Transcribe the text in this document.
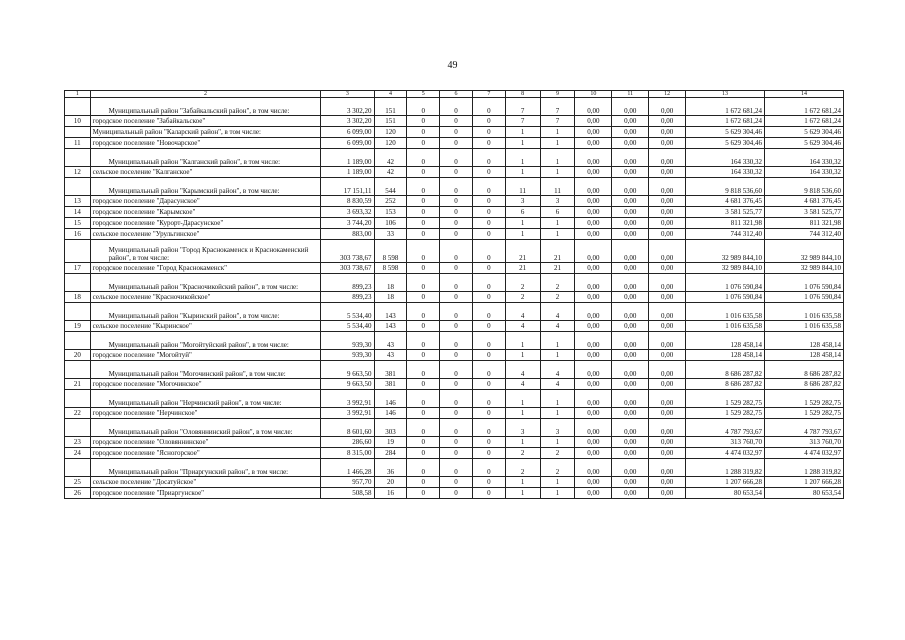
49
1	2	3	4	5	6	7	8	9	10	11	12	13	14
	Муниципальный район "Забайкальский район", в том числе:	3 302,20	151	0	0	0	7	7	0,00	0,00	0,00	1 672 681,24	1 672 681,24
10	городское поселение "Забайкальское"	3 302,20	151	0	0	0	7	7	0,00	0,00	0,00	1 672 681,24	1 672 681,24
	Муниципальный район "Каларский район", в том числе:	6 099,00	120	0	0	0	1	1	0,00	0,00	0,00	5 629 304,46	5 629 304,46
11	городское поселение "Новочарское"	6 099,00	120	0	0	0	1	1	0,00	0,00	0,00	5 629 304,46	5 629 304,46
	Муниципальный район "Калганский район", в том числе:	1 189,00	42	0	0	0	1	1	0,00	0,00	0,00	164 330,32	164 330,32
12	сельское поселение "Калганское"	1 189,00	42	0	0	0	1	1	0,00	0,00	0,00	164 330,32	164 330,32
	Муниципальный район "Карымский район", в том числе:	17 151,11	544	0	0	0	11	11	0,00	0,00	0,00	9 818 536,60	9 818 536,60
13	городское поселение "Дарасунское"	8 830,59	252	0	0	0	3	3	0,00	0,00	0,00	4 681 376,45	4 681 376,45
14	городское поселение "Карымское"	3 693,32	153	0	0	0	6	6	0,00	0,00	0,00	3 581 525,77	3 581 525,77
15	городское поселение "Курорт-Дарасунское"	3 744,20	106	0	0	0	1	1	0,00	0,00	0,00	811 321,98	811 321,98
16	сельское поселение "Урульгинское"	883,00	33	0	0	0	1	1	0,00	0,00	0,00	744 312,40	744 312,40
	Муниципальный район "Город Краснокаменск и Краснокаменский район", в том числе:	303 738,67	8 598	0	0	0	21	21	0,00	0,00	0,00	32 989 844,10	32 989 844,10
17	городское поселение "Город Краснокаменск"	303 738,67	8 598	0	0	0	21	21	0,00	0,00	0,00	32 989 844,10	32 989 844,10
	Муниципальный район "Красночикойский район", в том числе:	899,23	18	0	0	0	2	2	0,00	0,00	0,00	1 076 590,84	1 076 590,84
18	сельское поселение "Красночикойское"	899,23	18	0	0	0	2	2	0,00	0,00	0,00	1 076 590,84	1 076 590,84
	Муниципальный район "Кыринский район", в том числе:	5 534,40	143	0	0	0	4	4	0,00	0,00	0,00	1 016 635,58	1 016 635,58
19	сельское поселение "Кыринское"	5 534,40	143	0	0	0	4	4	0,00	0,00	0,00	1 016 635,58	1 016 635,58
	Муниципальный район "Могойтуйский район", в том числе:	939,30	43	0	0	0	1	1	0,00	0,00	0,00	128 458,14	128 458,14
20	городское поселение "Могойтуй"	939,30	43	0	0	0	1	1	0,00	0,00	0,00	128 458,14	128 458,14
	Муниципальный район "Могочинский район", в том числе:	9 663,50	381	0	0	0	4	4	0,00	0,00	0,00	8 686 287,82	8 686 287,82
21	городское поселение "Могочинское"	9 663,50	381	0	0	0	4	4	0,00	0,00	0,00	8 686 287,82	8 686 287,82
	Муниципальный район "Нерчинский район", в том числе:	3 992,91	146	0	0	0	1	1	0,00	0,00	0,00	1 529 282,75	1 529 282,75
22	городское поселение "Нерчинское"	3 992,91	146	0	0	0	1	1	0,00	0,00	0,00	1 529 282,75	1 529 282,75
	Муниципальный район "Оловяннинский район", в том числе:	8 601,60	303	0	0	0	3	3	0,00	0,00	0,00	4 787 793,67	4 787 793,67
23	городское поселение "Оловяннинское"	286,60	19	0	0	0	1	1	0,00	0,00	0,00	313 760,70	313 760,70
24	городское поселение "Ясногорское"	8 315,00	284	0	0	0	2	2	0,00	0,00	0,00	4 474 032,97	4 474 032,97
	Муниципальный район "Приаргунский район", в том числе:	1 466,28	36	0	0	0	2	2	0,00	0,00	0,00	1 288 319,82	1 288 319,82
25	сельское поселение "Досатуйское"	957,70	20	0	0	0	1	1	0,00	0,00	0,00	1 207 666,28	1 207 666,28
26	городское поселение "Приаргунское"	508,58	16	0	0	0	1	1	0,00	0,00	0,00	80 653,54	80 653,54
